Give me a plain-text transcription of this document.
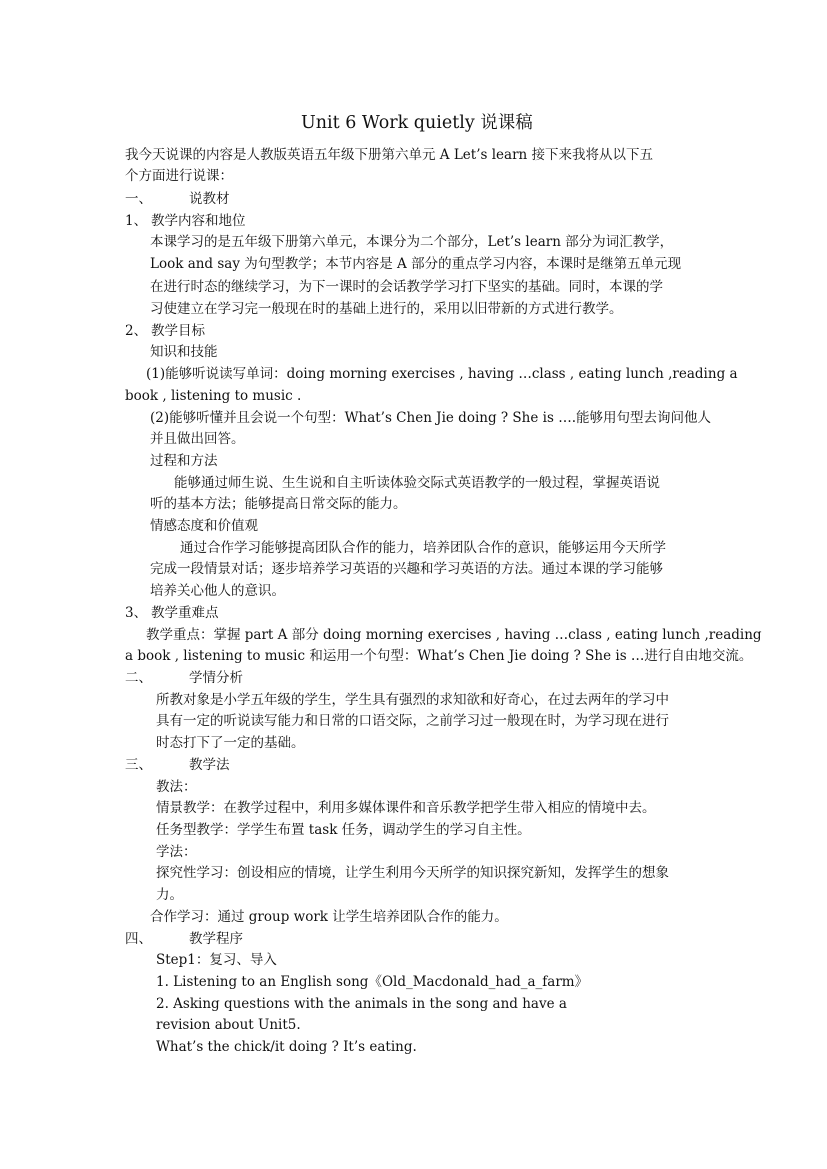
Unit 6 Work quietly 说课稿
我今天说课的内容是人教版英语五年级下册第六单元 A Let’s learn 接下来我将从以下五
个方面进行说课：
一、	说教材
1、 教学内容和地位
本课学习的是五年级下册第六单元，本课分为二个部分，Let’s learn 部分为词汇教学，
Look and say 为句型教学；本节内容是 A 部分的重点学习内容，本课时是继第五单元现
在进行时态的继续学习，为下一课时的会话教学学习打下坚实的基础。同时，本课的学
习使建立在学习完一般现在时的基础上进行的，采用以旧带新的方式进行教学。
2、 教学目标
知识和技能
(1)能够听说读写单词：doing morning exercises , having …class , eating lunch ,reading a
book , listening to music .
(2)能够听懂并且会说一个句型：What’s Chen Jie doing ? She is ….能够用句型去询问他人
并且做出回答。
过程和方法
能够通过师生说、生生说和自主听读体验交际式英语教学的一般过程，掌握英语说
听的基本方法；能够提高日常交际的能力。
情感态度和价值观
通过合作学习能够提高团队合作的能力，培养团队合作的意识，能够运用今天所学
完成一段情景对话；逐步培养学习英语的兴趣和学习英语的方法。通过本课的学习能够
培养关心他人的意识。
3、 教学重难点
教学重点：掌握 part A 部分 doing morning exercises , having …class , eating lunch ,reading
a book , listening to music 和运用一个句型：What’s Chen Jie doing ? She is …进行自由地交流。
二、	学情分析
所教对象是小学五年级的学生，学生具有强烈的求知欲和好奇心，在过去两年的学习中
具有一定的听说读写能力和日常的口语交际，之前学习过一般现在时，为学习现在进行
时态打下了一定的基础。
三、	教学法
教法：
情景教学：在教学过程中，利用多媒体课件和音乐教学把学生带入相应的情境中去。
任务型教学：学学生布置 task 任务，调动学生的学习自主性。
学法：
探究性学习：创设相应的情境，让学生利用今天所学的知识探究新知，发挥学生的想象
力。
合作学习：通过 group work 让学生培养团队合作的能力。
四、	教学程序
Step1：复习、导入
1. Listening to an English song《Old_Macdonald_had_a_farm》
2. Asking questions with the animals in the song and have a
revision about Unit5.
What’s the chick/it doing ? It’s eating.
